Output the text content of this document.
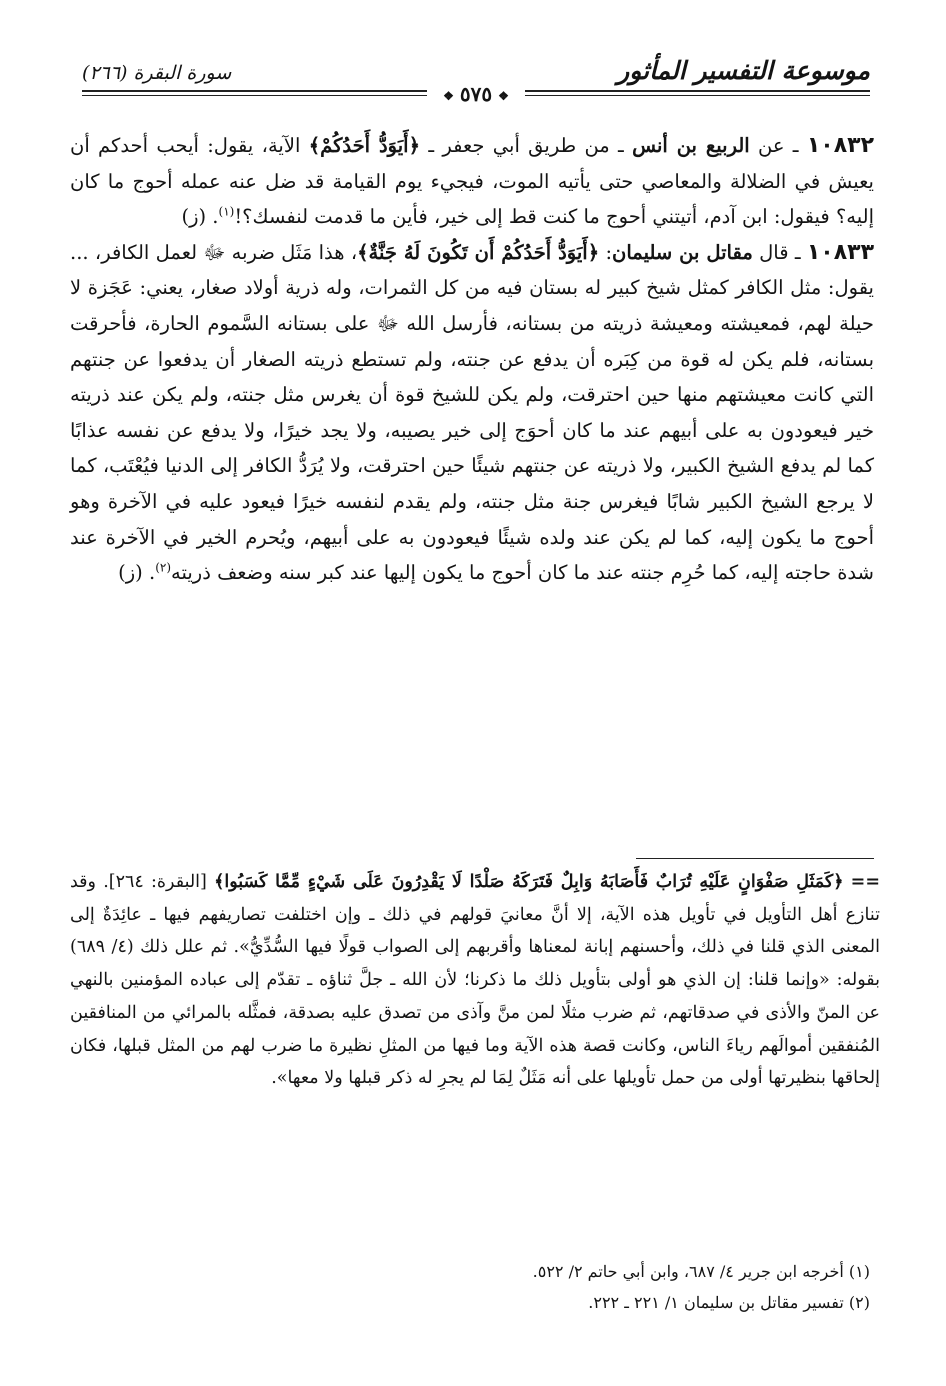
موسوعة التفسير المأثور
سورة البقرة (٢٦٦)
❖٥٧٥❖

١٠٨٣٢ ـ عن الربيع بن أنس ـ من طريق أبي جعفر ـ ﴿أَيَوَدُّ أَحَدُكُمْ﴾ الآية، يقول: أيحب أحدكم أن يعيش في الضلالة والمعاصي حتى يأتيه الموت، فيجيء يوم القيامة قد ضل عنه عمله أحوج ما كان إليه؟ فيقول: ابن آدم، أتيتني أحوج ما كنت قط إلى خير، فأين ما قدمت لنفسك؟!$^{(١)}$. (ز)

١٠٨٣٣ ـ قال مقاتل بن سليمان: ﴿أَيَوَدُّ أَحَدُكُمْ أَن تَكُونَ لَهُ جَنَّةٌ﴾، هذا مَثَل ضربه ﷻ لعمل الكافر، ... يقول: مثل الكافر كمثل شيخ كبير له بستان فيه من كل الثمرات، وله ذرية أولاد صغار، يعني: عَجَزة لا حيلة لهم، فمعيشته ومعيشة ذريته من بستانه، فأرسل الله ﷻ على بستانه السَّموم الحارة، فأحرقت بستانه، فلم يكن له قوة من كِبَره أن يدفع عن جنته، ولم تستطع ذريته الصغار أن يدفعوا عن جنتهم التي كانت معيشتهم منها حين احترقت، ولم يكن للشيخ قوة أن يغرس مثل جنته، ولم يكن عند ذريته خير فيعودون به على أبيهم عند ما كان أحوَج إلى خير يصيبه، ولا يجد خيرًا، ولا يدفع عن نفسه عذابًا كما لم يدفع الشيخ الكبير، ولا ذريته عن جنتهم شيئًا حين احترقت، ولا يُرَدُّ الكافر إلى الدنيا فيُعْتَب، كما لا يرجع الشيخ الكبير شابًا فيغرس جنة مثل جنته، ولم يقدم لنفسه خيرًا فيعود عليه في الآخرة وهو أحوج ما يكون إليه، كما لم يكن عند ولده شيئًا فيعودون به على أبيهم، ويُحرم الخير في الآخرة عند شدة حاجته إليه، كما حُرِم جنته عند ما كان أحوج ما يكون إليها عند كبر سنه وضعف ذريته$^{(٢)}$. (ز)

== ﴿كَمَثَلِ صَفْوَانٍ عَلَيْهِ تُرَابٌ فَأَصَابَهُ وَابِلٌ فَتَرَكَهُ صَلْدًا لَا يَقْدِرُونَ عَلَى شَيْءٍ مِّمَّا كَسَبُوا﴾ [البقرة: ٢٦٤]. وقد تنازع أهل التأويل في تأويل هذه الآية، إلا أنَّ معانيَ قولهم في ذلك ـ وإن اختلفت تصاريفهم فيها ـ عائِدَةٌ إلى المعنى الذي قلنا في ذلك، وأحسنهم إبانة لمعناها وأقربهم إلى الصواب قولًا فيها السُّدِّيُّ». ثم علل ذلك (٤/ ٦٨٩) بقوله: «وإنما قلنا: إن الذي هو أولى بتأويل ذلك ما ذكرنا؛ لأن الله ـ جلَّ ثناؤه ـ تقدّم إلى عباده المؤمنين بالنهي عن المنّ والأذى في صدقاتهم، ثم ضرب مثلًا لمن منَّ وآذى من تصدق عليه بصدقة، فمثَّله بالمرائي من المنافقين المُنفقين أموالَهم رياءَ الناس، وكانت قصة هذه الآية وما فيها من المثلِ نظيرة ما ضرب لهم من المثل قبلها، فكان إلحاقها بنظيرتها أولى من حمل تأويلها على أنه مَثَلٌ لِمَا لم يجرِ له ذكر قبلها ولا معها».

(١) أخرجه ابن جرير ٤/ ٦٨٧، وابن أبي حاتم ٢/ ٥٢٢.

(٢) تفسير مقاتل بن سليمان ١/ ٢٢١ ـ ٢٢٢.
